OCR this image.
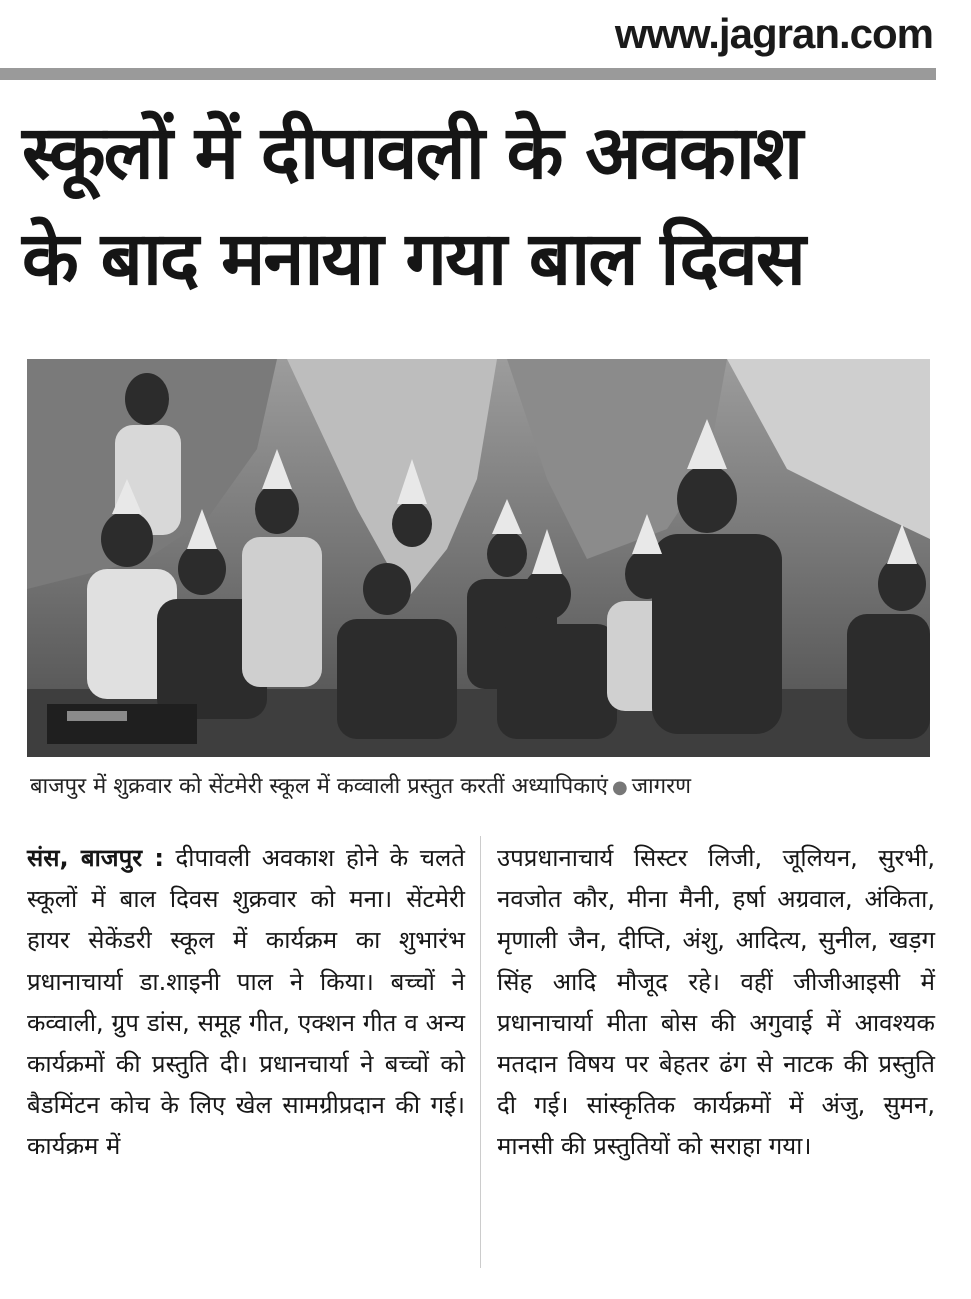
www.jagran.com
स्कूलों में दीपावली के अवकाश
के बाद मनाया गया बाल दिवस
बाजपुर में शुक्रवार को सेंटमेरी स्कूल में कव्वाली प्रस्तुत करतीं अध्यापिकाएं ● जागरण

संस, बाजपुर : दीपावली अवकाश होने के चलते स्कूलों में बाल दिवस शुक्रवार को मना। सेंटमेरी हायर सेकेंडरी स्कूल में कार्यक्रम का शुभारंभ प्रधानाचार्या डा.शाइनी पाल ने किया। बच्चों ने कव्वाली, ग्रुप डांस, समूह गीत, एक्शन गीत व अन्य कार्यक्रमों की प्रस्तुति दी। प्रधानचार्या ने बच्चों को बैडमिंटन कोच के लिए खेल सामग्रीप्रदान की गई। कार्यक्रम में

उपप्रधानाचार्य सिस्टर लिजी, जूलियन, सुरभी, नवजोत कौर, मीना मैनी, हर्षा अग्रवाल, अंकिता, मृणाली जैन, दीप्ति, अंशु, आदित्य, सुनील, खड़ग सिंह आदि मौजूद रहे। वहीं जीजीआइसी में प्रधानाचार्या मीता बोस की अगुवाई में आवश्यक मतदान विषय पर बेहतर ढंग से नाटक की प्रस्तुति दी गई। सांस्कृतिक कार्यक्रमों में अंजु, सुमन, मानसी की प्रस्तुतियों को सराहा गया।
